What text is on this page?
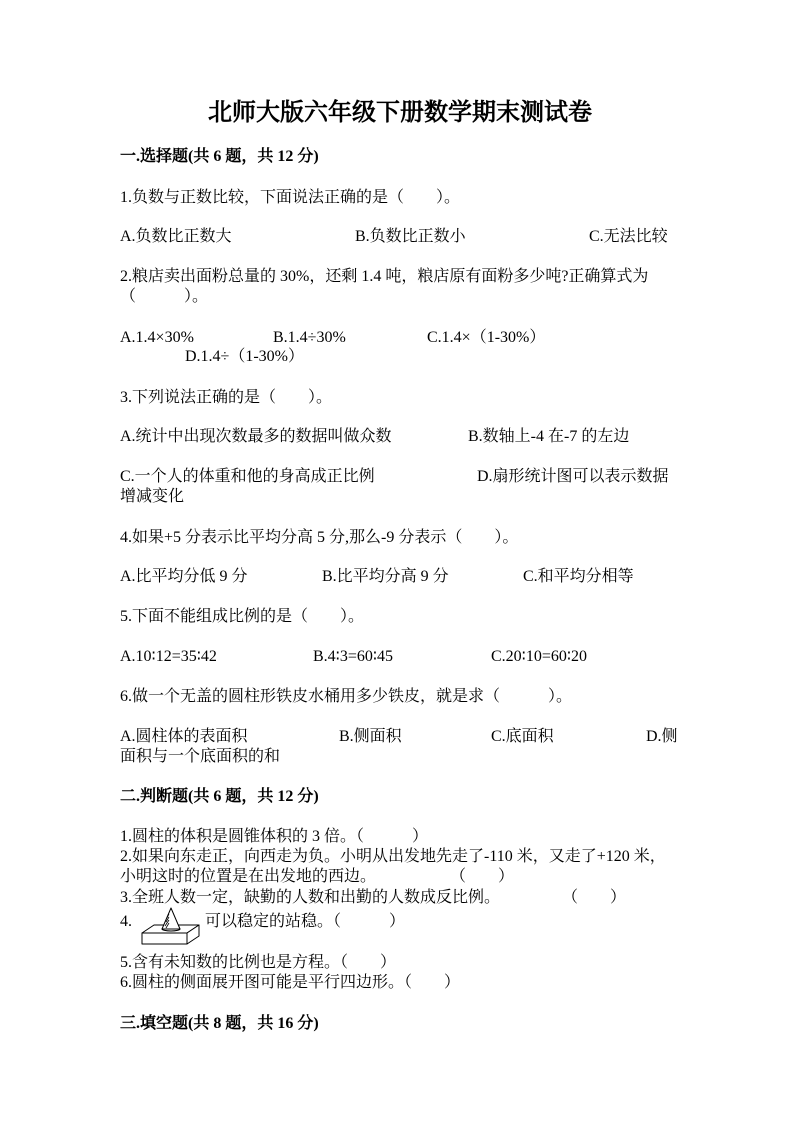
北师大版六年级下册数学期末测试卷
一.选择题(共 6 题，共 12 分)
1.负数与正数比较，下面说法正确的是（　　）。
A.负数比正数大	B.负数比正数小	C.无法比较
2.粮店卖出面粉总量的 30%，还剩 1.4 吨，粮店原有面粉多少吨?正确算式为
（　　　）。
A.1.4×30%	B.1.4÷30%	C.1.4×（1-30%）
D.1.4÷（1-30%）
3.下列说法正确的是（　　）。
A.统计中出现次数最多的数据叫做众数	B.数轴上-4 在-7 的左边
C.一个人的体重和他的身高成正比例	D.扇形统计图可以表示数据
增减变化
4.如果+5 分表示比平均分高 5 分,那么-9 分表示（　　）。
A.比平均分低 9 分	B.比平均分高 9 分	C.和平均分相等
5.下面不能组成比例的是（　　）。
A.10∶12=35∶42	B.4∶3=60∶45	C.20∶10=60∶20
6.做一个无盖的圆柱形铁皮水桶用多少铁皮，就是求（　　　）。
A.圆柱体的表面积	B.侧面积	C.底面积	D.侧
面积与一个底面积的和
二.判断题(共 6 题，共 12 分)
1.圆柱的体积是圆锥体积的 3 倍。（　　　）
2.如果向东走正，向西走为负。小明从出发地先走了-110 米，又走了+120 米，
小明这时的位置是在出发地的西边。	（　　）
3.全班人数一定，缺勤的人数和出勤的人数成反比例。	（　　）
4.	可以稳定的站稳。（　　　）
5.含有未知数的比例也是方程。（　　）
6.圆柱的侧面展开图可能是平行四边形。（　　）
三.填空题(共 8 题，共 16 分)
